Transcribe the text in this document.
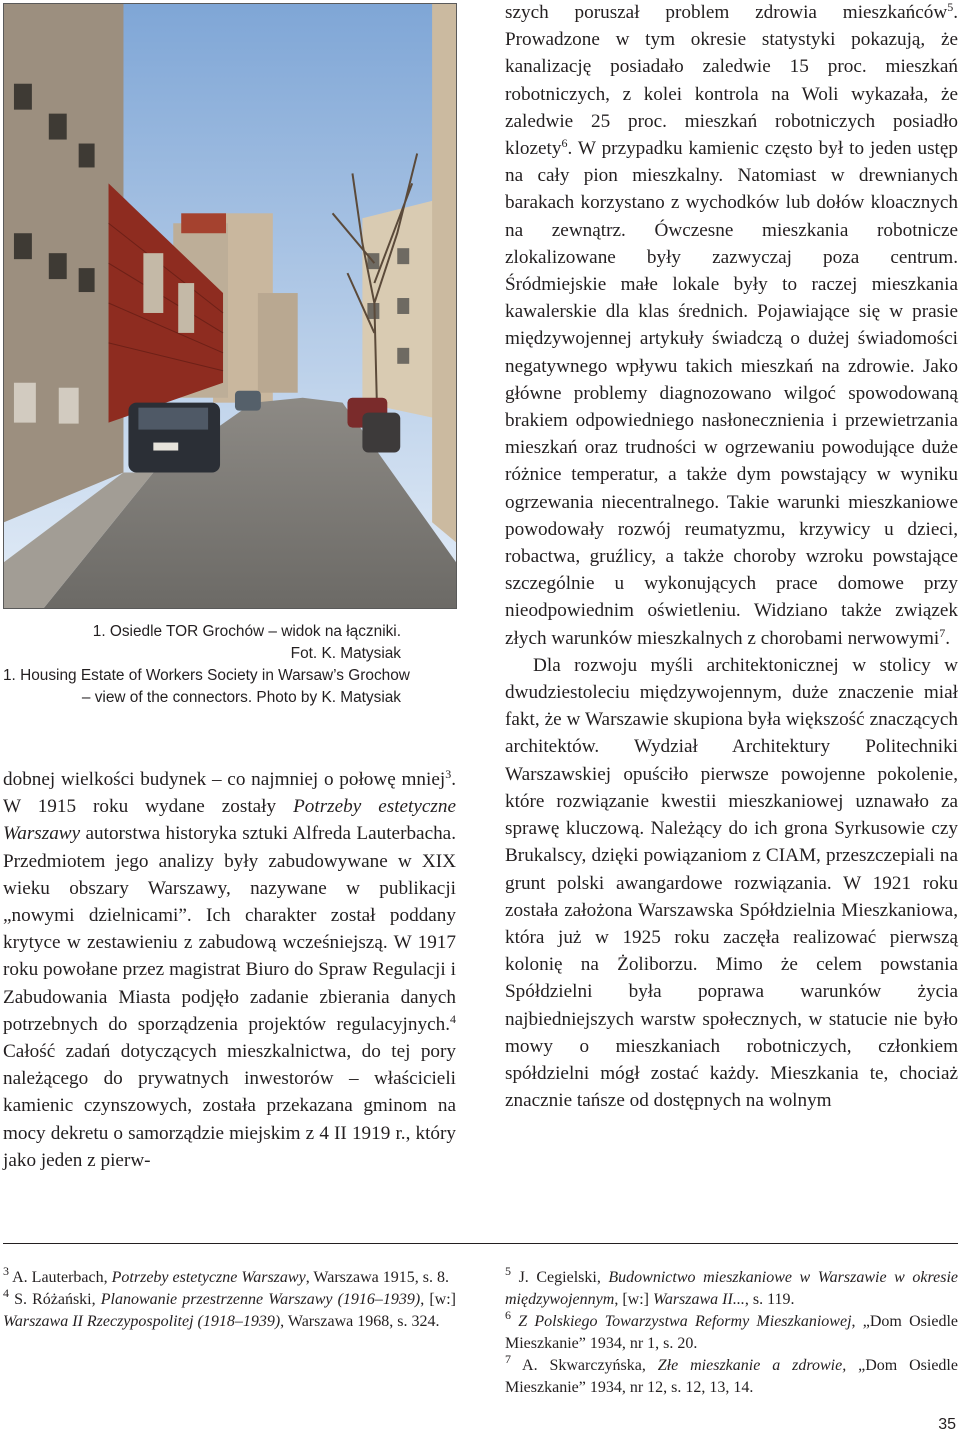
1. Osiedle TOR Grochów – widok na łączniki.
Fot. K. Matysiak
1. Housing Estate of Workers Society in Warsaw’s Grochow
– view of the connectors. Photo by K. Matysiak

dobnej wielkości budynek – co najmniej o połowę mniej$^3$. W 1915 roku wydane zostały Potrzeby estetyczne Warszawy autorstwa historyka sztuki Alfreda Lauterbacha. Przedmiotem jego analizy były zabudowywane w XIX wieku obszary Warszawy, nazywane w publikacji „nowymi dzielnicami”. Ich charakter został poddany krytyce w zestawieniu z zabudową wcześniejszą. W 1917 roku powołane przez magistrat Biuro do Spraw Regulacji i Zabudowania Miasta podjęło zadanie zbierania danych potrzebnych do sporządzenia projektów regulacyjnych.$^4$ Całość zadań dotyczących mieszkalnictwa, do tej pory należącego do prywatnych inwestorów – właścicieli kamienic czynszowych, została przekazana gminom na mocy dekretu o samorządzie miejskim z 4 II 1919 r., który jako jeden z pierw-

szych poruszał problem zdrowia mieszkańców$^5$. Prowadzone w tym okresie statystyki pokazują, że kanalizację posiadało zaledwie 15 proc. mieszkań robotniczych, z kolei kontrola na Woli wykazała, że zaledwie 25 proc. mieszkań robotniczych posiadło klozety$^6$. W przypadku kamienic często był to jeden ustęp na cały pion mieszkalny. Natomiast w drewnianych barakach korzystano z wychodków lub dołów kloacznych na zewnątrz. Ówczesne mieszkania robotnicze zlokalizowane były zazwyczaj poza centrum. Śródmiejskie małe lokale były to raczej mieszkania kawalerskie dla klas średnich. Pojawiające się w prasie międzywojennej artykuły świadczą o dużej świadomości negatywnego wpływu takich mieszkań na zdrowie. Jako główne problemy diagnozowano wilgoć spowodowaną brakiem odpowiedniego nasłonecznienia i przewietrzania mieszkań oraz trudności w ogrzewaniu powodujące duże różnice temperatur, a także dym powstający w wyniku ogrzewania niecentralnego. Takie warunki mieszkaniowe powodowały rozwój reumatyzmu, krzywicy u dzieci, robactwa, gruźlicy, a także choroby wzroku powstające szczególnie u wykonujących prace domowe przy nieodpowiednim oświetleniu. Widziano także związek złych warunków mieszkalnych z chorobami nerwowymi$^7$.

Dla rozwoju myśli architektonicznej w stolicy w dwudziestoleciu międzywojennym, duże znaczenie miał fakt, że w Warszawie skupiona była większość znaczących architektów. Wydział Architektury Politechniki Warszawskiej opuściło pierwsze powojenne pokolenie, które rozwiązanie kwestii mieszkaniowej uznawało za sprawę kluczową. Należący do ich grona Syrkusowie czy Brukalscy, dzięki powiązaniom z CIAM, przeszczepiali na grunt polski awangardowe rozwiązania. W 1921 roku została założona Warszawska Spółdzielnia Mieszkaniowa, która już w 1925 roku zaczęła realizować pierwszą kolonię na Żoliborzu. Mimo że celem powstania Spółdzielni była poprawa warunków życia najbiedniejszych warstw społecznych, w statucie nie było mowy o mieszkaniach robotniczych, członkiem spółdzielni mógł zostać każdy. Mieszkania te, chociaż znacznie tańsze od dostępnych na wolnym

$^3$ A. Lauterbach, Potrzeby estetyczne Warszawy, Warszawa 1915, s. 8.

$^4$ S. Różański, Planowanie przestrzenne Warszawy (1916–1939), [w:] Warszawa II Rzeczypospolitej (1918–1939), Warszawa 1968, s. 324.

$^5$ J. Cegielski, Budownictwo mieszkaniowe w Warszawie w okresie międzywojennym, [w:] Warszawa II..., s. 119.

$^6$ Z Polskiego Towarzystwa Reformy Mieszkaniowej, „Dom Osiedle Mieszkanie” 1934, nr 1, s. 20.

$^7$ A. Skwarczyńska, Złe mieszkanie a zdrowie, „Dom Osiedle Mieszkanie” 1934, nr 12, s. 12, 13, 14.

35
